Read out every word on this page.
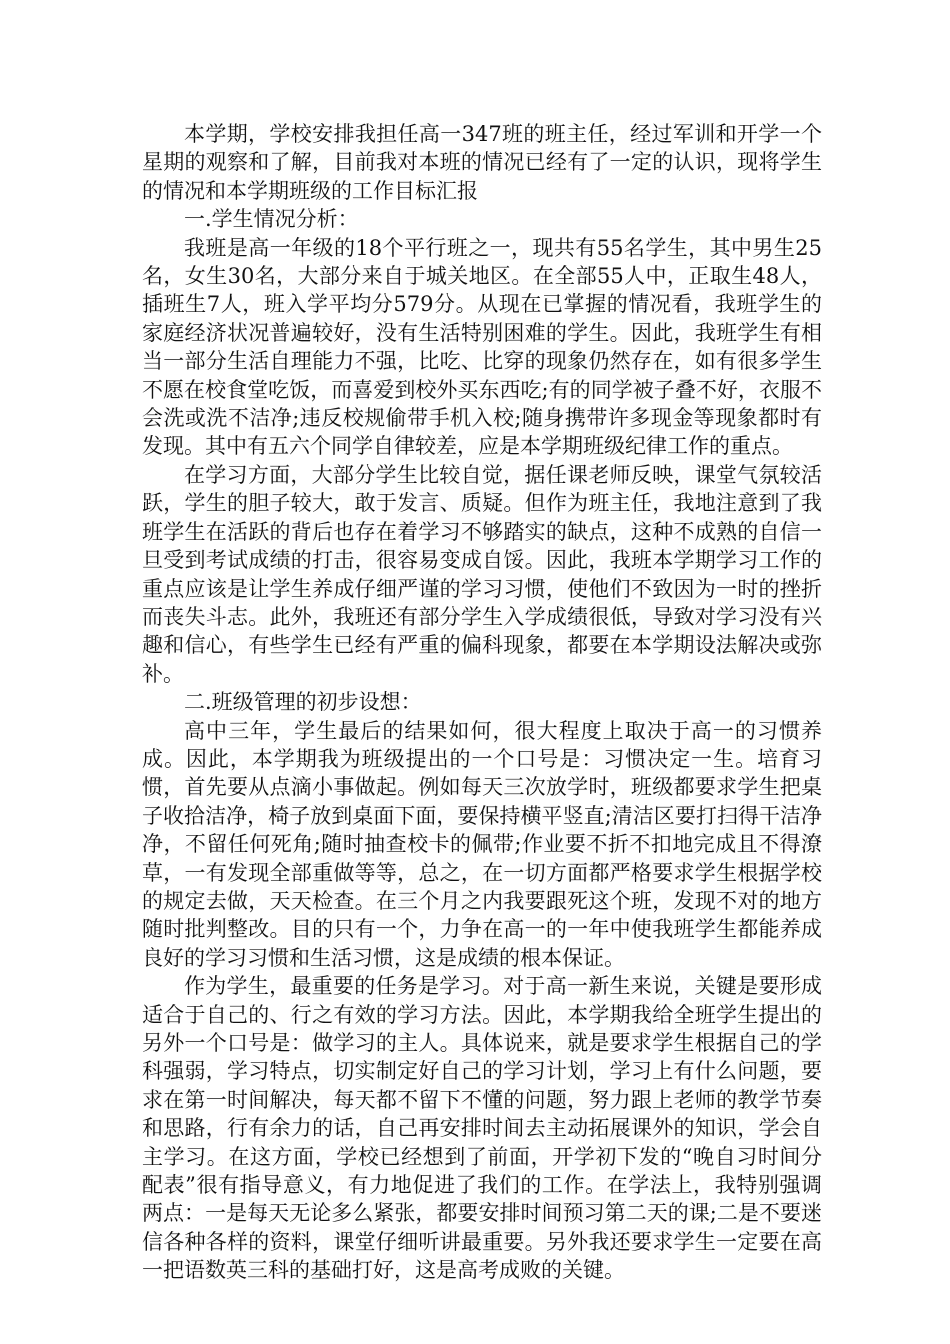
本学期，学校安排我担任高一347班的班主任，经过军训和开学一个星期的观察和了解，目前我对本班的情况已经有了一定的认识，现将学生的情况和本学期班级的工作目标汇报

一.学生情况分析：

我班是高一年级的18个平行班之一，现共有55名学生，其中男生25名，女生30名，大部分来自于城关地区。在全部55人中，正取生48人，插班生7人，班入学平均分579分。从现在已掌握的情况看，我班学生的家庭经济状况普遍较好，没有生活特别困难的学生。因此，我班学生有相当一部分生活自理能力不强，比吃、比穿的现象仍然存在，如有很多学生不愿在校食堂吃饭，而喜爱到校外买东西吃;有的同学被子叠不好，衣服不会洗或洗不洁净;违反校规偷带手机入校;随身携带许多现金等现象都时有发现。其中有五六个同学自律较差，应是本学期班级纪律工作的重点。

在学习方面，大部分学生比较自觉，据任课老师反映，课堂气氛较活跃，学生的胆子较大，敢于发言、质疑。但作为班主任，我地注意到了我班学生在活跃的背后也存在着学习不够踏实的缺点，这种不成熟的自信一旦受到考试成绩的打击，很容易变成自馁。因此，我班本学期学习工作的重点应该是让学生养成仔细严谨的学习习惯，使他们不致因为一时的挫折而丧失斗志。此外，我班还有部分学生入学成绩很低，导致对学习没有兴趣和信心，有些学生已经有严重的偏科现象，都要在本学期设法解决或弥补。

二.班级管理的初步设想：

高中三年，学生最后的结果如何，很大程度上取决于高一的习惯养成。因此，本学期我为班级提出的一个口号是：习惯决定一生。培育习惯，首先要从点滴小事做起。例如每天三次放学时，班级都要求学生把桌子收拾洁净，椅子放到桌面下面，要保持横平竖直;清洁区要打扫得干洁净净，不留任何死角;随时抽查校卡的佩带;作业要不折不扣地完成且不得潦草，一有发现全部重做等等，总之，在一切方面都严格要求学生根据学校的规定去做，天天检查。在三个月之内我要跟死这个班，发现不对的地方随时批判整改。目的只有一个，力争在高一的一年中使我班学生都能养成良好的学习习惯和生活习惯，这是成绩的根本保证。

作为学生，最重要的任务是学习。对于高一新生来说，关键是要形成适合于自己的、行之有效的学习方法。因此，本学期我给全班学生提出的另外一个口号是：做学习的主人。具体说来，就是要求学生根据自己的学科强弱，学习特点，切实制定好自己的学习计划，学习上有什么问题，要求在第一时间解决，每天都不留下不懂的问题，努力跟上老师的教学节奏和思路，行有余力的话，自己再安排时间去主动拓展课外的知识，学会自主学习。在这方面，学校已经想到了前面，开学初下发的“晚自习时间分配表”很有指导意义，有力地促进了我们的工作。在学法上，我特别强调两点：一是每天无论多么紧张，都要安排时间预习第二天的课;二是不要迷信各种各样的资料，课堂仔细听讲最重要。另外我还要求学生一定要在高一把语数英三科的基础打好，这是高考成败的关键。
